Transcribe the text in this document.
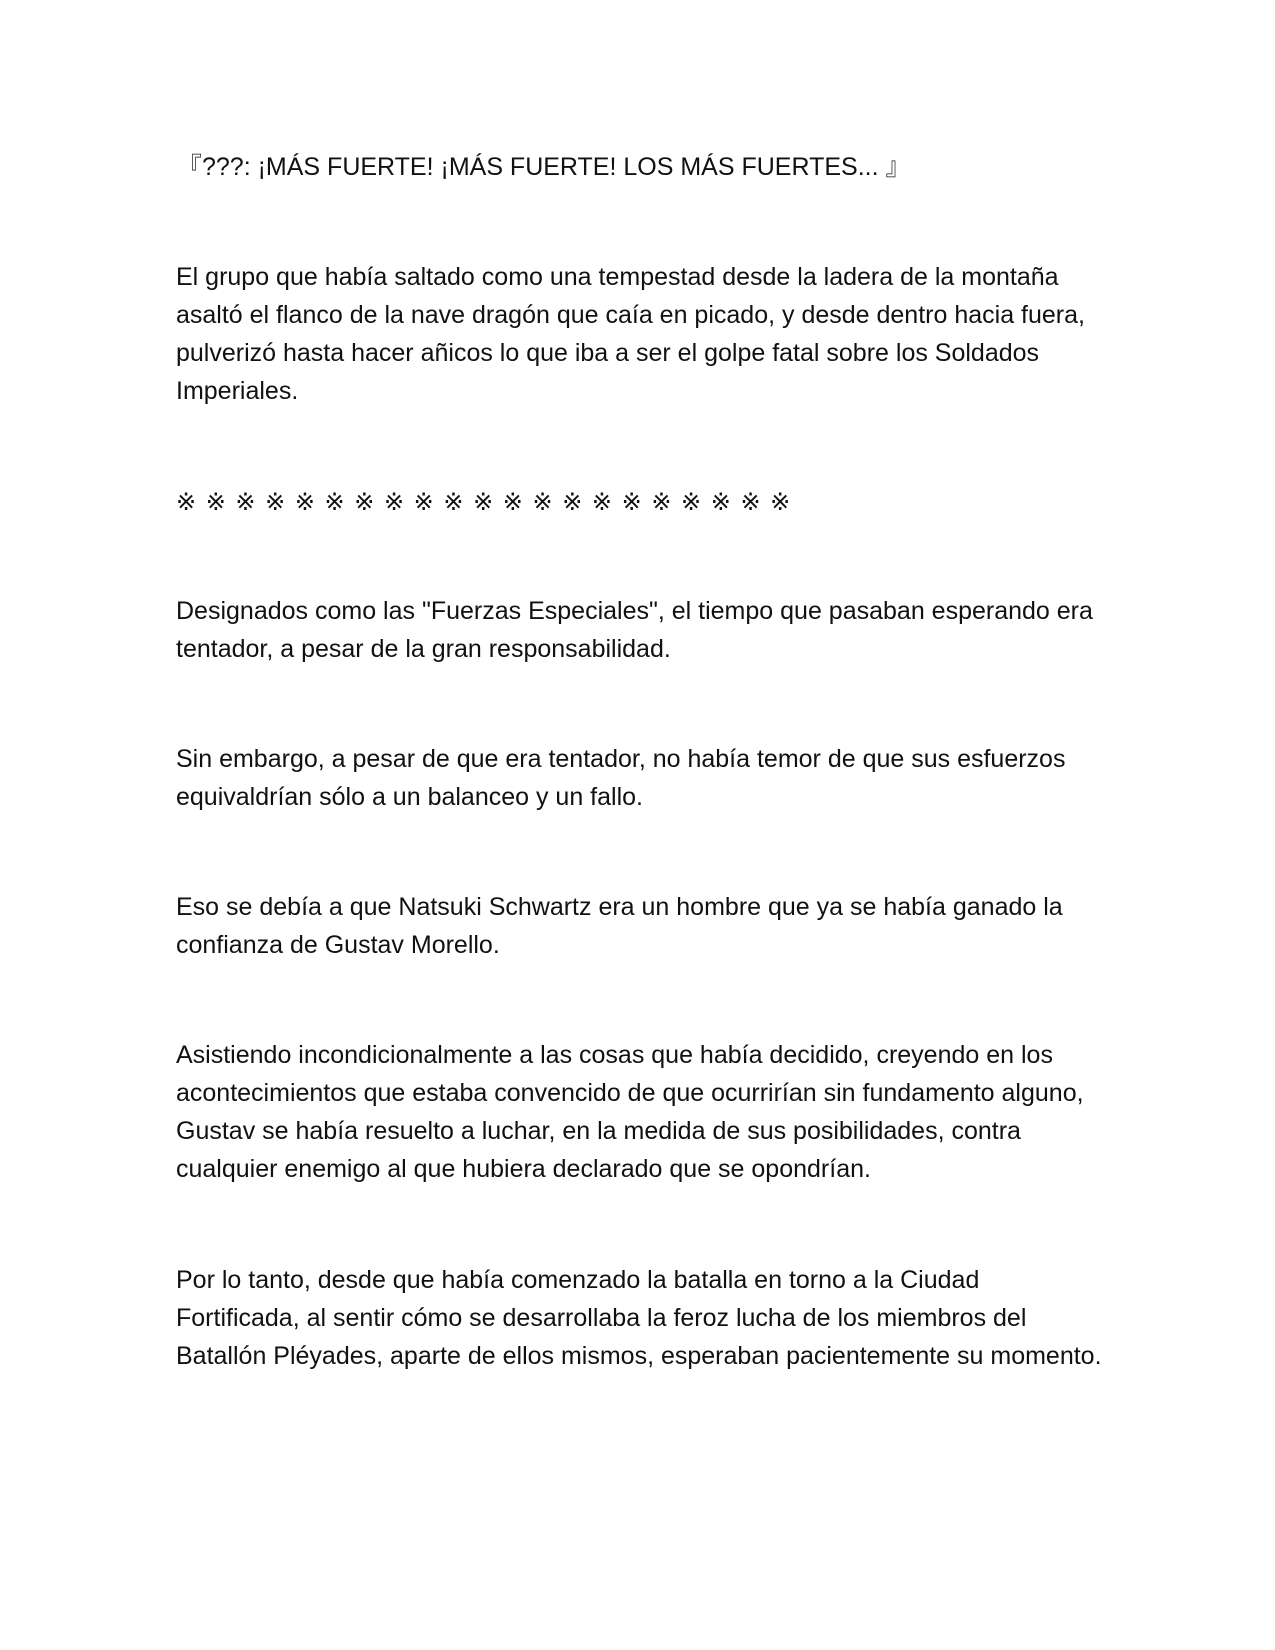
『???: ¡MÁS FUERTE! ¡MÁS FUERTE! LOS MÁS FUERTES... 』

El grupo que había saltado como una tempestad desde la ladera de la montaña asaltó el flanco de la nave dragón que caía en picado, y desde dentro hacia fuera, pulverizó hasta hacer añicos lo que iba a ser el golpe fatal sobre los Soldados Imperiales.

※※※※※※※※※※※※※※※※※※※※※

Designados como las "Fuerzas Especiales", el tiempo que pasaban esperando era tentador, a pesar de la gran responsabilidad.

Sin embargo, a pesar de que era tentador, no había temor de que sus esfuerzos equivaldrían sólo a un balanceo y un fallo.

Eso se debía a que Natsuki Schwartz era un hombre que ya se había ganado la confianza de Gustav Morello.

Asistiendo incondicionalmente a las cosas que había decidido, creyendo en los acontecimientos que estaba convencido de que ocurrirían sin fundamento alguno, Gustav se había resuelto a luchar, en la medida de sus posibilidades, contra cualquier enemigo al que hubiera declarado que se opondrían.

Por lo tanto, desde que había comenzado la batalla en torno a la Ciudad Fortificada, al sentir cómo se desarrollaba la feroz lucha de los miembros del Batallón Pléyades, aparte de ellos mismos, esperaban pacientemente su momento.
